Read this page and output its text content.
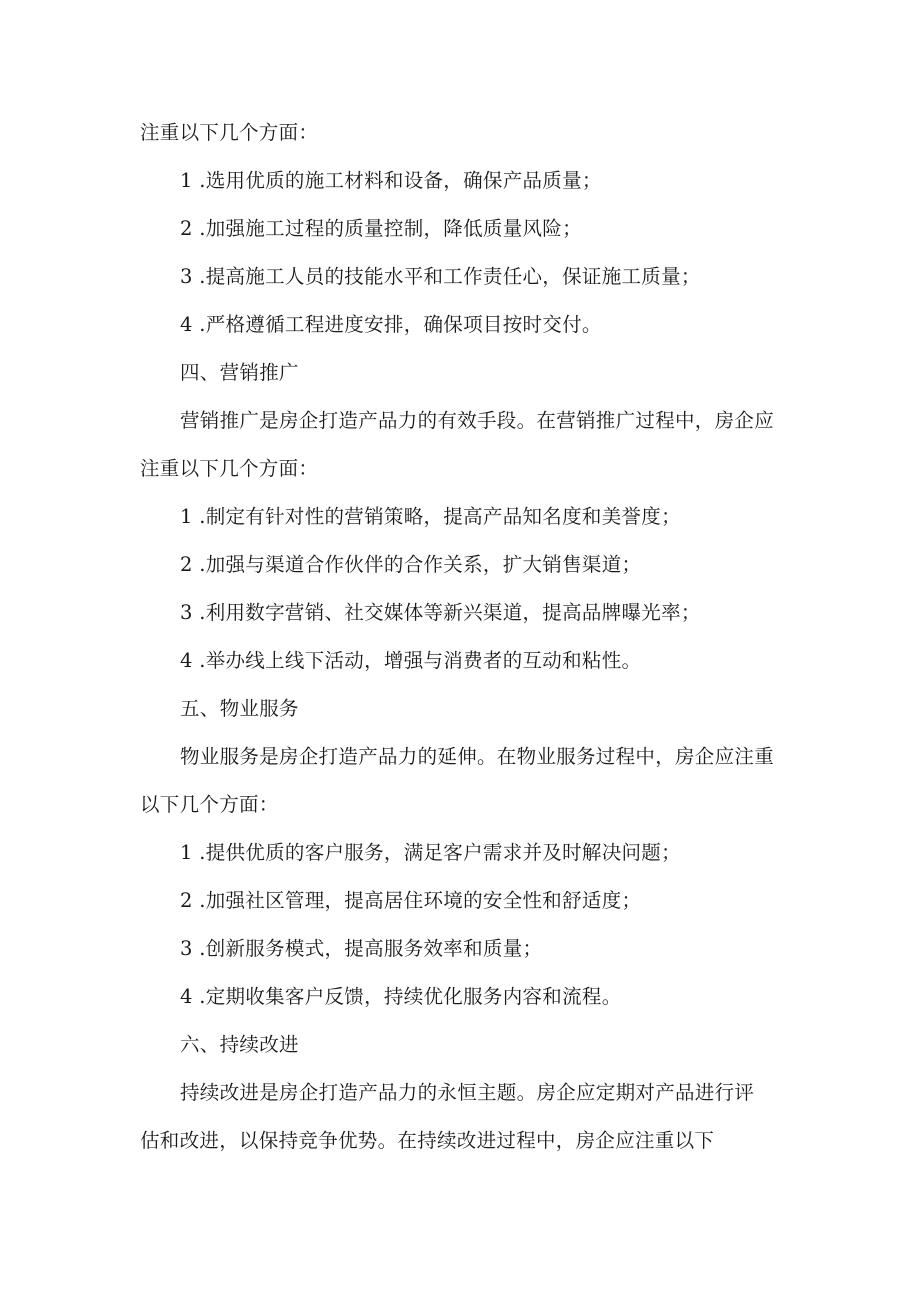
注重以下几个方面：
1 .选用优质的施工材料和设备，确保产品质量；
2 .加强施工过程的质量控制，降低质量风险；
3 .提高施工人员的技能水平和工作责任心，保证施工质量；
4 .严格遵循工程进度安排，确保项目按时交付。
四、营销推广
营销推广是房企打造产品力的有效手段。在营销推广过程中，房企应
注重以下几个方面：
1 .制定有针对性的营销策略，提高产品知名度和美誉度；
2 .加强与渠道合作伙伴的合作关系，扩大销售渠道；
3 .利用数字营销、社交媒体等新兴渠道，提高品牌曝光率；
4 .举办线上线下活动，增强与消费者的互动和粘性。
五、物业服务
物业服务是房企打造产品力的延伸。在物业服务过程中，房企应注重
以下几个方面：
1 .提供优质的客户服务，满足客户需求并及时解决问题；
2 .加强社区管理，提高居住环境的安全性和舒适度；
3 .创新服务模式，提高服务效率和质量；
4 .定期收集客户反馈，持续优化服务内容和流程。
六、持续改进
持续改进是房企打造产品力的永恒主题。房企应定期对产品进行评
估和改进，以保持竞争优势。在持续改进过程中，房企应注重以下
